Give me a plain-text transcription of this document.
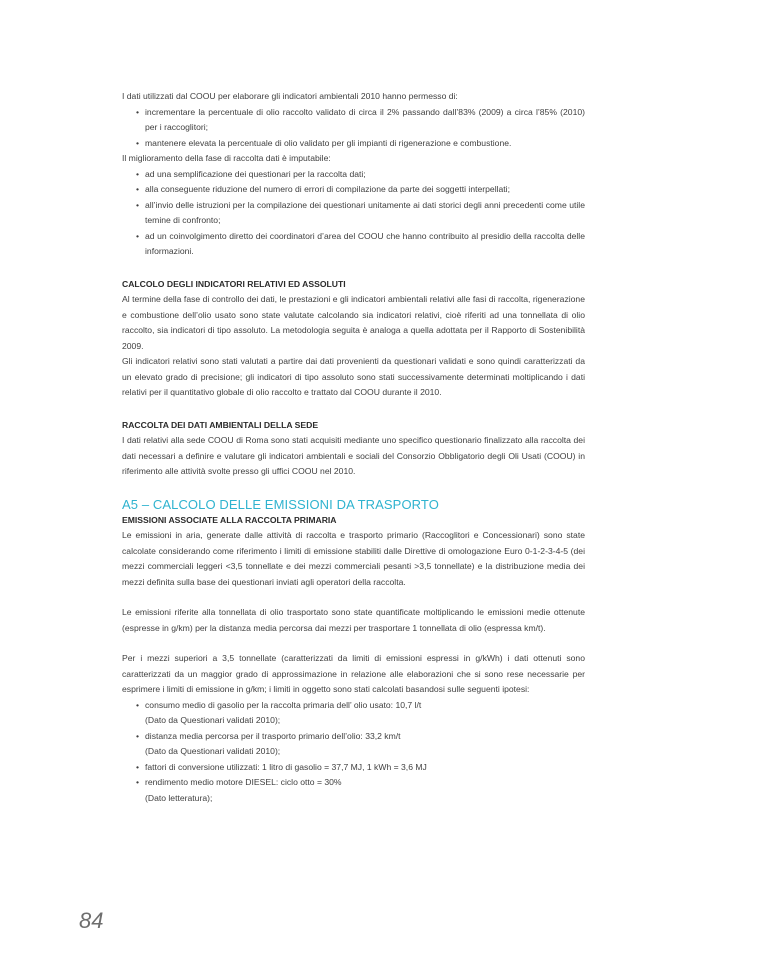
I dati utilizzati dal COOU per elaborare gli indicatori ambientali 2010 hanno permesso di:

• incrementare la percentuale di olio raccolto validato di circa il 2% passando dall’83% (2009) a circa l’85% (2010) per i raccoglitori;
• mantenere elevata la percentuale di olio validato per gli impianti di rigenerazione e combustione.

Il miglioramento della fase di raccolta dati è imputabile:

• ad una semplificazione dei questionari per la raccolta dati;
• alla conseguente riduzione del numero di errori di compilazione da parte dei soggetti interpellati;
• all’invio delle istruzioni per la compilazione dei questionari unitamente ai dati storici degli anni precedenti come utile temine di confronto;
• ad un coinvolgimento diretto dei coordinatori d’area del COOU che hanno contribuito al presidio della raccolta delle informazioni.

CALCOLO DEGLI INDICATORI RELATIVI ED ASSOLUTI

Al termine della fase di controllo dei dati, le prestazioni e gli indicatori ambientali relativi alle fasi di raccolta, rigenerazione e combustione dell’olio usato sono state valutate calcolando sia indicatori relativi, cioè riferiti ad una tonnellata di olio raccolto, sia indicatori di tipo assoluto. La metodologia seguita è analoga a quella adottata per il Rapporto di Sostenibilità 2009.

Gli indicatori relativi sono stati valutati a partire dai dati provenienti da questionari validati e sono quindi caratterizzati da un elevato grado di precisione; gli indicatori di tipo assoluto sono stati successivamente determinati moltiplicando i dati relativi per il quantitativo globale di olio raccolto e trattato dal COOU durante il 2010.

RACCOLTA DEI DATI AMBIENTALI DELLA SEDE

I dati relativi alla sede COOU di Roma sono stati acquisiti mediante uno specifico questionario finalizzato alla raccolta dei dati necessari a definire e valutare gli indicatori ambientali e sociali del Consorzio Obbligatorio degli Oli Usati (COOU) in riferimento alle attività svolte presso gli uffici COOU nel 2010.

A5 – CALCOLO DELLE EMISSIONI DA TRASPORTO

EMISSIONI ASSOCIATE ALLA RACCOLTA PRIMARIA

Le emissioni in aria, generate dalle attività di raccolta e trasporto primario (Raccoglitori e Concessionari) sono state calcolate considerando come riferimento i limiti di emissione stabiliti dalle Direttive di omologazione Euro 0-1-2-3-4-5 (dei mezzi commerciali leggeri <3,5 tonnellate e dei mezzi commerciali pesanti >3,5 tonnellate) e la distribuzione media dei mezzi definita sulla base dei questionari inviati agli operatori della raccolta.

Le emissioni riferite alla tonnellata di olio trasportato sono state quantificate moltiplicando le emissioni medie ottenute (espresse in g/km) per la distanza media percorsa dai mezzi per trasportare 1 tonnellata di olio (espressa km/t).

Per i mezzi superiori a 3,5 tonnellate (caratterizzati da limiti di emissioni espressi in g/kWh) i dati ottenuti sono caratterizzati da un maggior grado di approssimazione in relazione alle elaborazioni che si sono rese necessarie per esprimere i limiti di emissione in g/km; i limiti in oggetto sono stati calcolati basandosi sulle seguenti ipotesi:

• consumo medio di gasolio per la raccolta primaria dell’ olio usato: 10,7 l/t
(Dato da Questionari validati 2010);
• distanza media percorsa per il trasporto primario dell’olio: 33,2 km/t
(Dato da Questionari validati 2010);
• fattori di conversione utilizzati: 1 litro di gasolio = 37,7 MJ, 1 kWh = 3,6 MJ
• rendimento medio motore DIESEL: ciclo otto = 30%
(Dato letteratura);
84
